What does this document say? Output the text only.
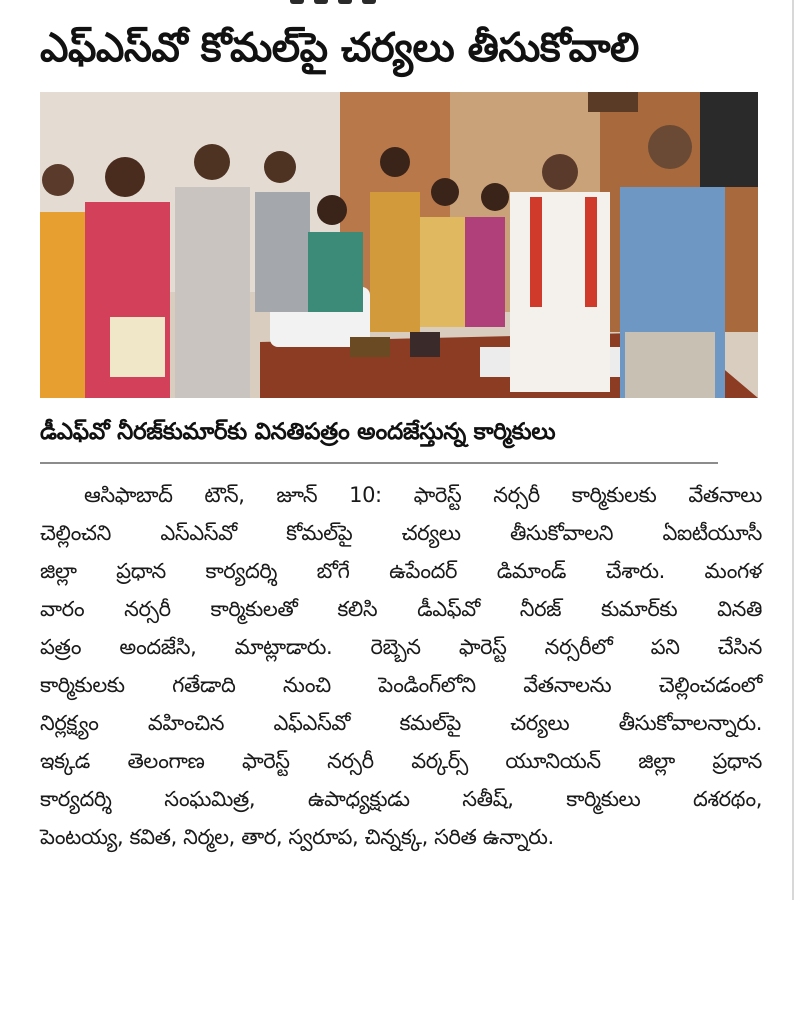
ఎఫ్ఎస్‌వో కోమల్‌పై చర్యలు తీసుకోవాలి
డీఎఫ్‌వో నీరజ్‌కుమార్‌కు వినతిపత్రం అందజేస్తున్న కార్మికులు
ఆసిఫాబాద్ టౌన్, జూన్ 10: ఫారెస్ట్ నర్సరీ కార్మికులకు వేతనాలు
చెల్లించని ఎస్ఎస్‌వో కోమల్‌పై చర్యలు తీసుకోవాలని ఏఐటీయూసీ
జిల్లా ప్రధాన కార్యదర్శి బోగే ఉపేందర్ డిమాండ్ చేశారు. మంగళ
వారం నర్సరీ కార్మికులతో కలిసి డీఎఫ్‌వో నీరజ్ కుమార్‌కు వినతి
పత్రం అందజేసి, మాట్లాడారు. రెబ్బెన ఫారెస్ట్ నర్సరీలో పని చేసిన
కార్మికులకు గతేడాది నుంచి పెండింగ్‌లోని వేతనాలను చెల్లించడంలో
నిర్లక్ష్యం వహించిన ఎఫ్ఎస్‌వో కమల్‌పై చర్యలు తీసుకోవాలన్నారు.
ఇక్కడ తెలంగాణ ఫారెస్ట్ నర్సరీ వర్కర్స్ యూనియన్ జిల్లా ప్రధాన
కార్యదర్శి సంఘమిత్ర, ఉపాధ్యక్షుడు సతీష్, కార్మికులు దశరథం,
పెంటయ్య, కవిత, నిర్మల, తార, స్వరూప, చిన్నక్క, సరిత ఉన్నారు.
